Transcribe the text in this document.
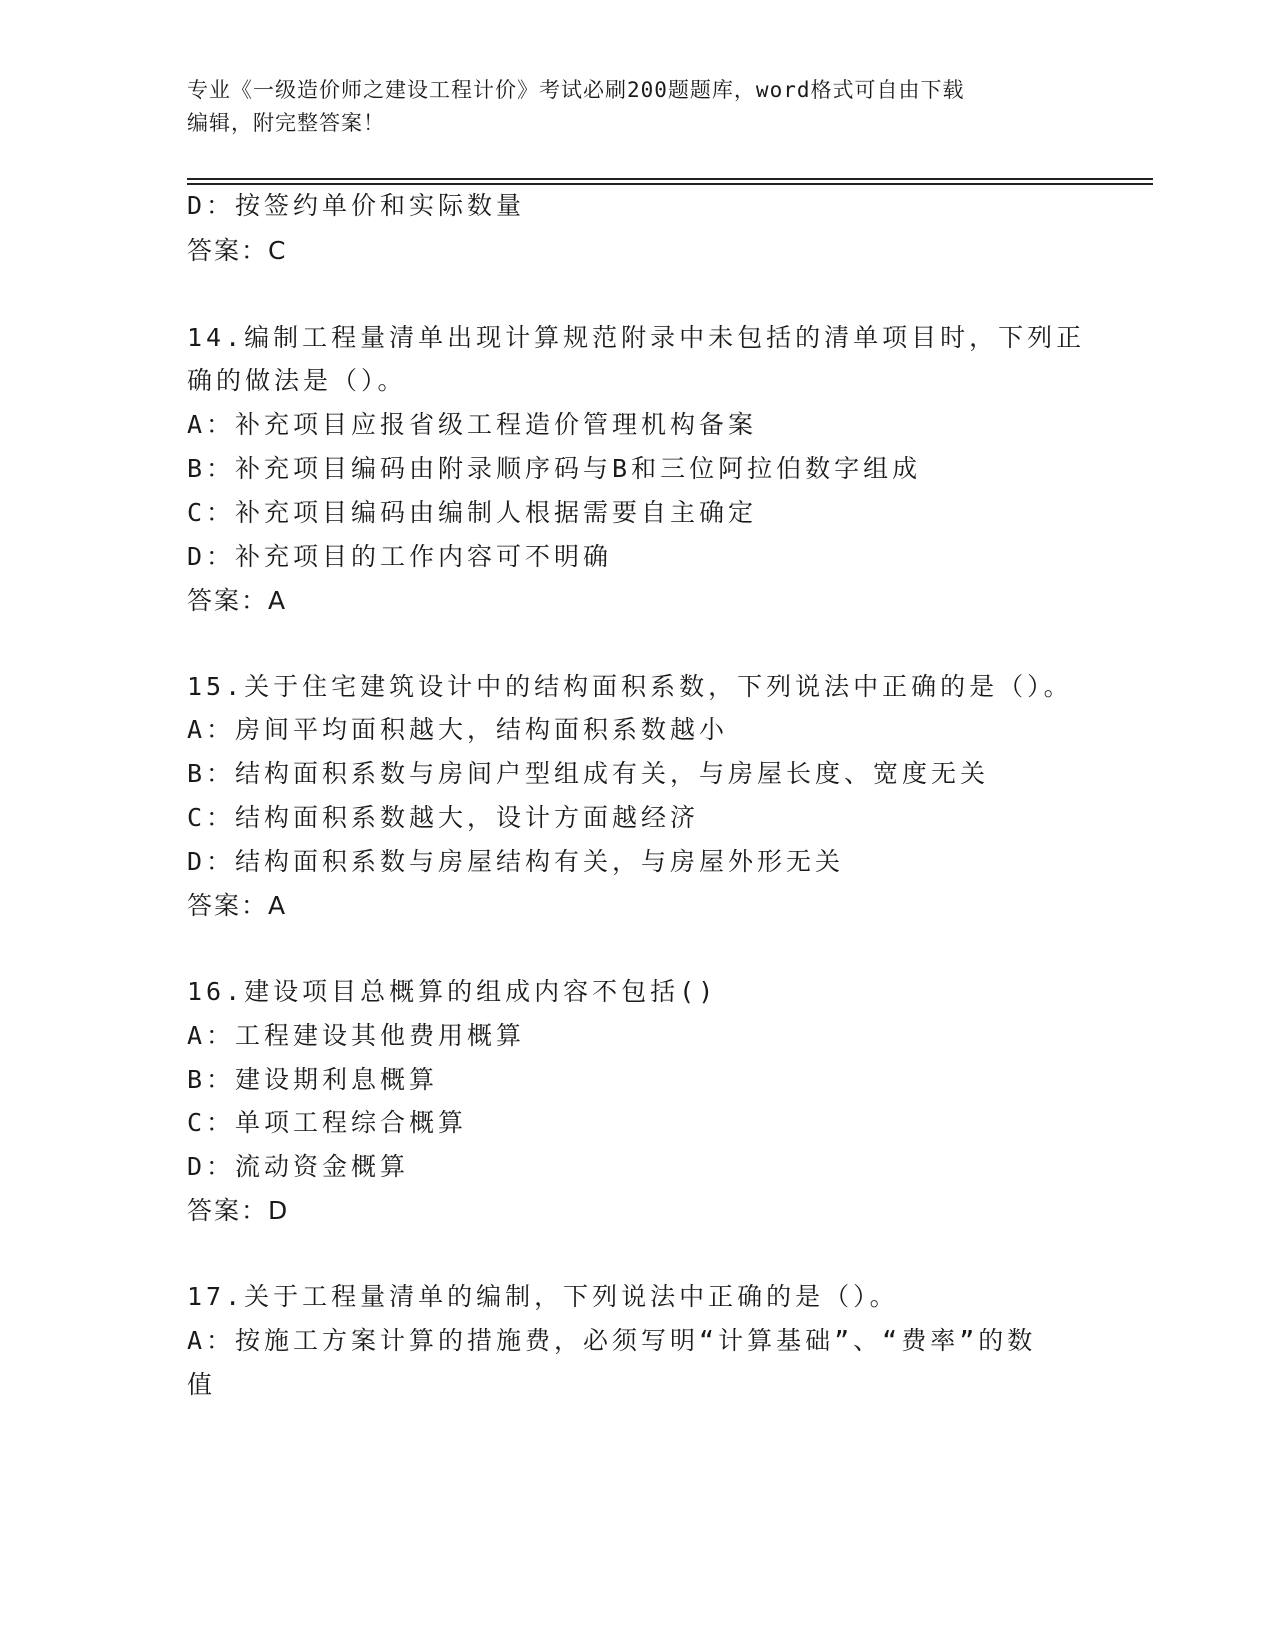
专业《一级造价师之建设工程计价》考试必刷200题题库，word格式可自由下载
编辑，附完整答案！
D：按签约单价和实际数量
答案：C
14.编制工程量清单出现计算规范附录中未包括的清单项目时，下列正
确的做法是（）。
A：补充项目应报省级工程造价管理机构备案
B：补充项目编码由附录顺序码与B和三位阿拉伯数字组成
C：补充项目编码由编制人根据需要自主确定
D：补充项目的工作内容可不明确
答案：A
15.关于住宅建筑设计中的结构面积系数，下列说法中正确的是（）。
A：房间平均面积越大，结构面积系数越小
B：结构面积系数与房间户型组成有关，与房屋长度、宽度无关
C：结构面积系数越大，设计方面越经济
D：结构面积系数与房屋结构有关，与房屋外形无关
答案：A
16.建设项目总概算的组成内容不包括()
A：工程建设其他费用概算
B：建设期利息概算
C：单项工程综合概算
D：流动资金概算
答案：D
17.关于工程量清单的编制，下列说法中正确的是（）。
A：按施工方案计算的措施费，必须写明“计算基础”、“费率”的数
值
